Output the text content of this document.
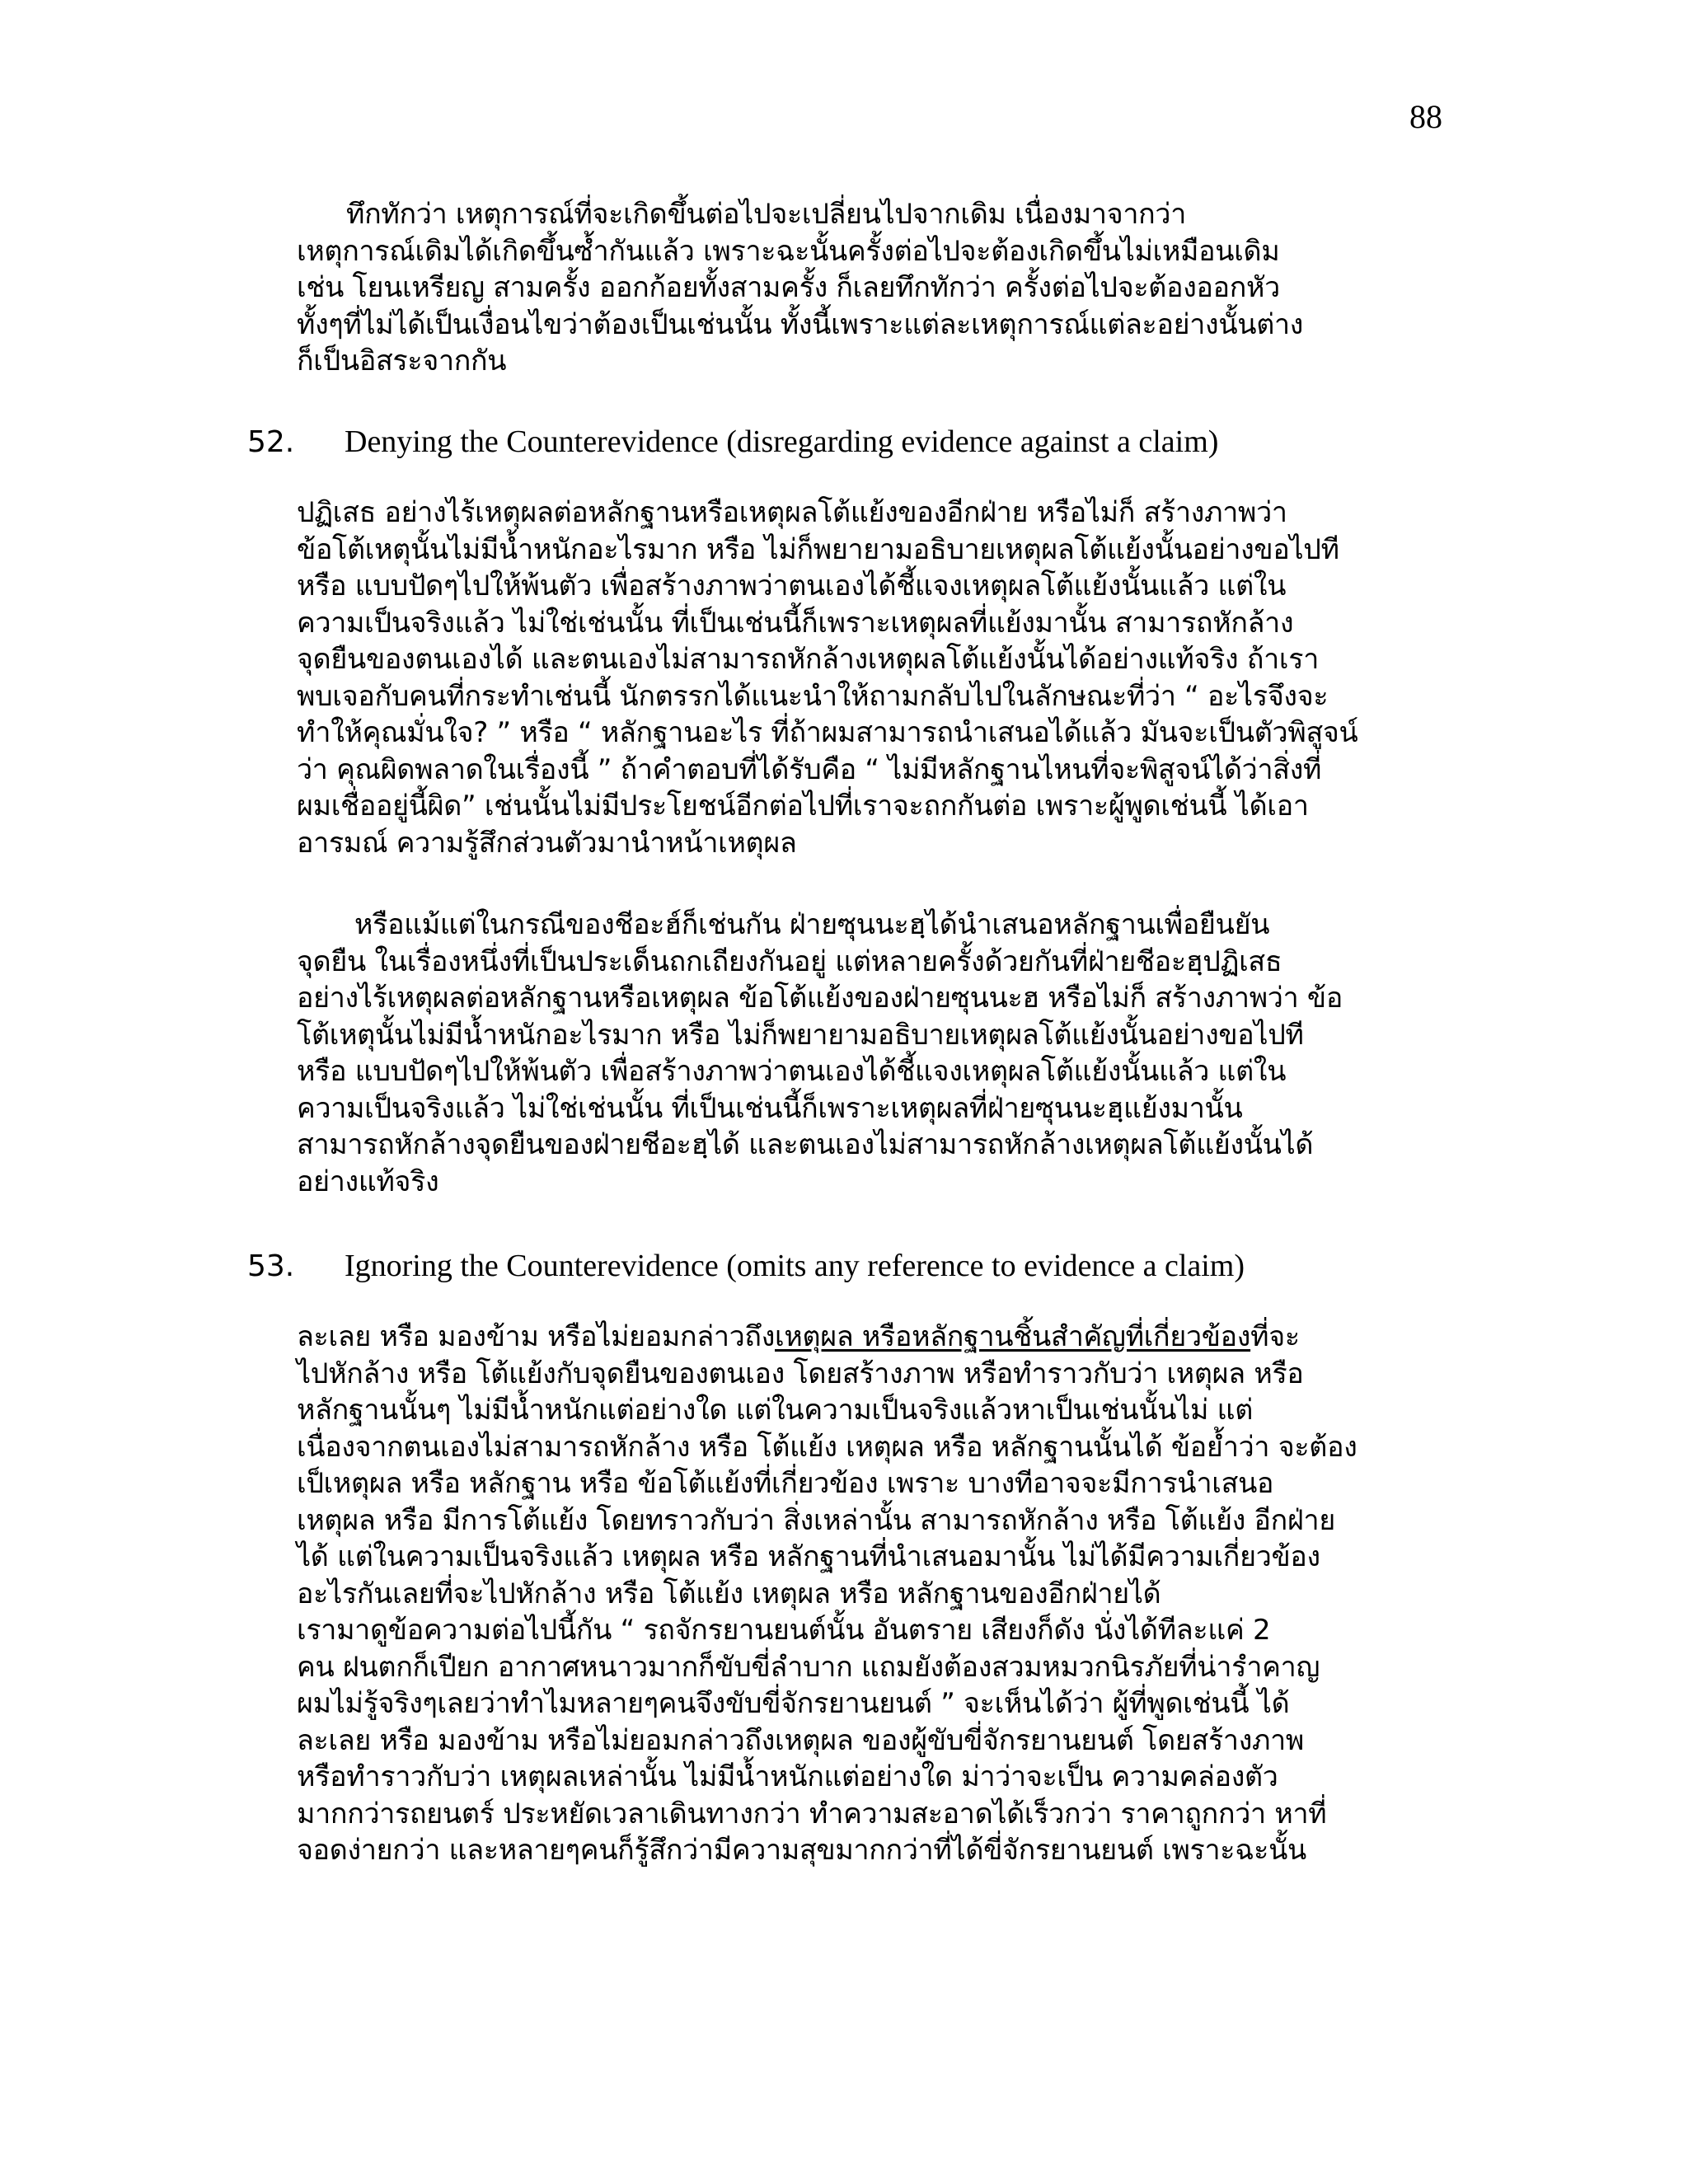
88
ทึกทักว่า เหตุการณ์ที่จะเกิดขึ้นต่อไปจะเปลี่ยนไปจากเดิม เนื่องมาจากว่า
เหตุการณ์เดิมได้เกิดขึ้นซ้ำกันแล้ว เพราะฉะนั้นครั้งต่อไปจะต้องเกิดขึ้นไม่เหมือนเดิม
เช่น โยนเหรียญ สามครั้ง ออกก้อยทั้งสามครั้ง ก็เลยทึกทักว่า ครั้งต่อไปจะต้องออกหัว
ทั้งๆที่ไม่ได้เป็นเงื่อนไขว่าต้องเป็นเช่นนั้น ทั้งนี้เพราะแต่ละเหตุการณ์แต่ละอย่างนั้นต่าง
ก็เป็นอิสระจากกัน
52. Denying the Counterevidence (disregarding evidence against a claim)
ปฏิเสธ อย่างไร้เหตุผลต่อหลักฐานหรือเหตุผลโต้แย้งของอีกฝ่าย หรือไม่ก็ สร้างภาพว่า
ข้อโต้เหตุนั้นไม่มีน้ำหนักอะไรมาก หรือ ไม่ก็พยายามอธิบายเหตุผลโต้แย้งนั้นอย่างขอไปที
หรือ แบบปัดๆไปให้พ้นตัว เพื่อสร้างภาพว่าตนเองได้ชี้แจงเหตุผลโต้แย้งนั้นแล้ว แต่ใน
ความเป็นจริงแล้ว ไม่ใช่เช่นนั้น ที่เป็นเช่นนี้ก็เพราะเหตุผลที่แย้งมานั้น สามารถหักล้าง
จุดยืนของตนเองได้ และตนเองไม่สามารถหักล้างเหตุผลโต้แย้งนั้นได้อย่างแท้จริง ถ้าเรา
พบเจอกับคนที่กระทำเช่นนี้ นักตรรกได้แนะนำให้ถามกลับไปในลักษณะที่ว่า “ อะไรจึงจะ
ทำให้คุณมั่นใจ? ” หรือ “ หลักฐานอะไร ที่ถ้าผมสามารถนำเสนอได้แล้ว มันจะเป็นตัวพิสูจน์
ว่า คุณผิดพลาดในเรื่องนี้ ” ถ้าคำตอบที่ได้รับคือ “ ไม่มีหลักฐานไหนที่จะพิสูจน์ได้ว่าสิ่งที่
ผมเชื่ออยู่นี้ผิด” เช่นนั้นไม่มีประโยชน์อีกต่อไปที่เราจะถกกันต่อ เพราะผู้พูดเช่นนี้ ได้เอา
อารมณ์ ความรู้สึกส่วนตัวมานำหน้าเหตุผล
หรือแม้แต่ในกรณีของชีอะฮ์ก็เช่นกัน ฝ่ายซุนนะฮฺได้นำเสนอหลักฐานเพื่อยืนยัน
จุดยืน ในเรื่องหนึ่งที่เป็นประเด็นถกเถียงกันอยู่ แต่หลายครั้งด้วยกันที่ฝ่ายชีอะฮฺปฏิเสธ
อย่างไร้เหตุผลต่อหลักฐานหรือเหตุผล ข้อโต้แย้งของฝ่ายซุนนะฮ หรือไม่ก็ สร้างภาพว่า ข้อ
โต้เหตุนั้นไม่มีน้ำหนักอะไรมาก หรือ ไม่ก็พยายามอธิบายเหตุผลโต้แย้งนั้นอย่างขอไปที
หรือ แบบปัดๆไปให้พ้นตัว เพื่อสร้างภาพว่าตนเองได้ชี้แจงเหตุผลโต้แย้งนั้นแล้ว แต่ใน
ความเป็นจริงแล้ว ไม่ใช่เช่นนั้น ที่เป็นเช่นนี้ก็เพราะเหตุผลที่ฝ่ายซุนนะฮฺแย้งมานั้น
สามารถหักล้างจุดยืนของฝ่ายชีอะฮฺได้ และตนเองไม่สามารถหักล้างเหตุผลโต้แย้งนั้นได้
อย่างแท้จริง
53. Ignoring the Counterevidence (omits any reference to evidence a claim)
ละเลย หรือ มองข้าม หรือไม่ยอมกล่าวถึงเหตุผล หรือหลักฐานชิ้นสำคัญที่เกี่ยวข้องที่จะ
ไปหักล้าง หรือ โต้แย้งกับจุดยืนของตนเอง โดยสร้างภาพ หรือทำราวกับว่า เหตุผล หรือ
หลักฐานนั้นๆ ไม่มีน้ำหนักแต่อย่างใด แต่ในความเป็นจริงแล้วหาเป็นเช่นนั้นไม่ แต่
เนื่องจากตนเองไม่สามารถหักล้าง หรือ โต้แย้ง เหตุผล หรือ หลักฐานนั้นได้ ข้อย้ำว่า จะต้อง
เป็เหตุผล หรือ หลักฐาน หรือ ข้อโต้แย้งที่เกี่ยวข้อง เพราะ บางทีอาจจะมีการนำเสนอ
เหตุผล หรือ มีการโต้แย้ง โดยทราวกับว่า สิ่งเหล่านั้น สามารถหักล้าง หรือ โต้แย้ง อีกฝ่าย
ได้ แต่ในความเป็นจริงแล้ว เหตุผล หรือ หลักฐานที่นำเสนอมานั้น ไม่ได้มีความเกี่ยวข้อง
อะไรกันเลยที่จะไปหักล้าง หรือ โต้แย้ง เหตุผล หรือ หลักฐานของอีกฝ่ายได้
เรามาดูข้อความต่อไปนี้กัน “ รถจักรยานยนต์นั้น อันตราย เสียงก็ดัง นั่งได้ทีละแค่ 2
คน ฝนตกก็เปียก อากาศหนาวมากก็ขับขี่ลำบาก แถมยังต้องสวมหมวกนิรภัยที่น่ารำคาญ
ผมไม่รู้จริงๆเลยว่าทำไมหลายๆคนจึงขับขี่จักรยานยนต์ ” จะเห็นได้ว่า ผู้ที่พูดเช่นนี้ ได้
ละเลย หรือ มองข้าม หรือไม่ยอมกล่าวถึงเหตุผล ของผู้ขับขี่จักรยานยนต์ โดยสร้างภาพ
หรือทำราวกับว่า เหตุผลเหล่านั้น ไม่มีน้ำหนักแต่อย่างใด ม่าว่าจะเป็น ความคล่องตัว
มากกว่ารถยนตร์ ประหยัดเวลาเดินทางกว่า ทำความสะอาดได้เร็วกว่า ราคาถูกกว่า หาที่
จอดง่ายกว่า และหลายๆคนก็รู้สึกว่ามีความสุขมากกว่าที่ได้ขี่จักรยานยนต์ เพราะฉะนั้น
